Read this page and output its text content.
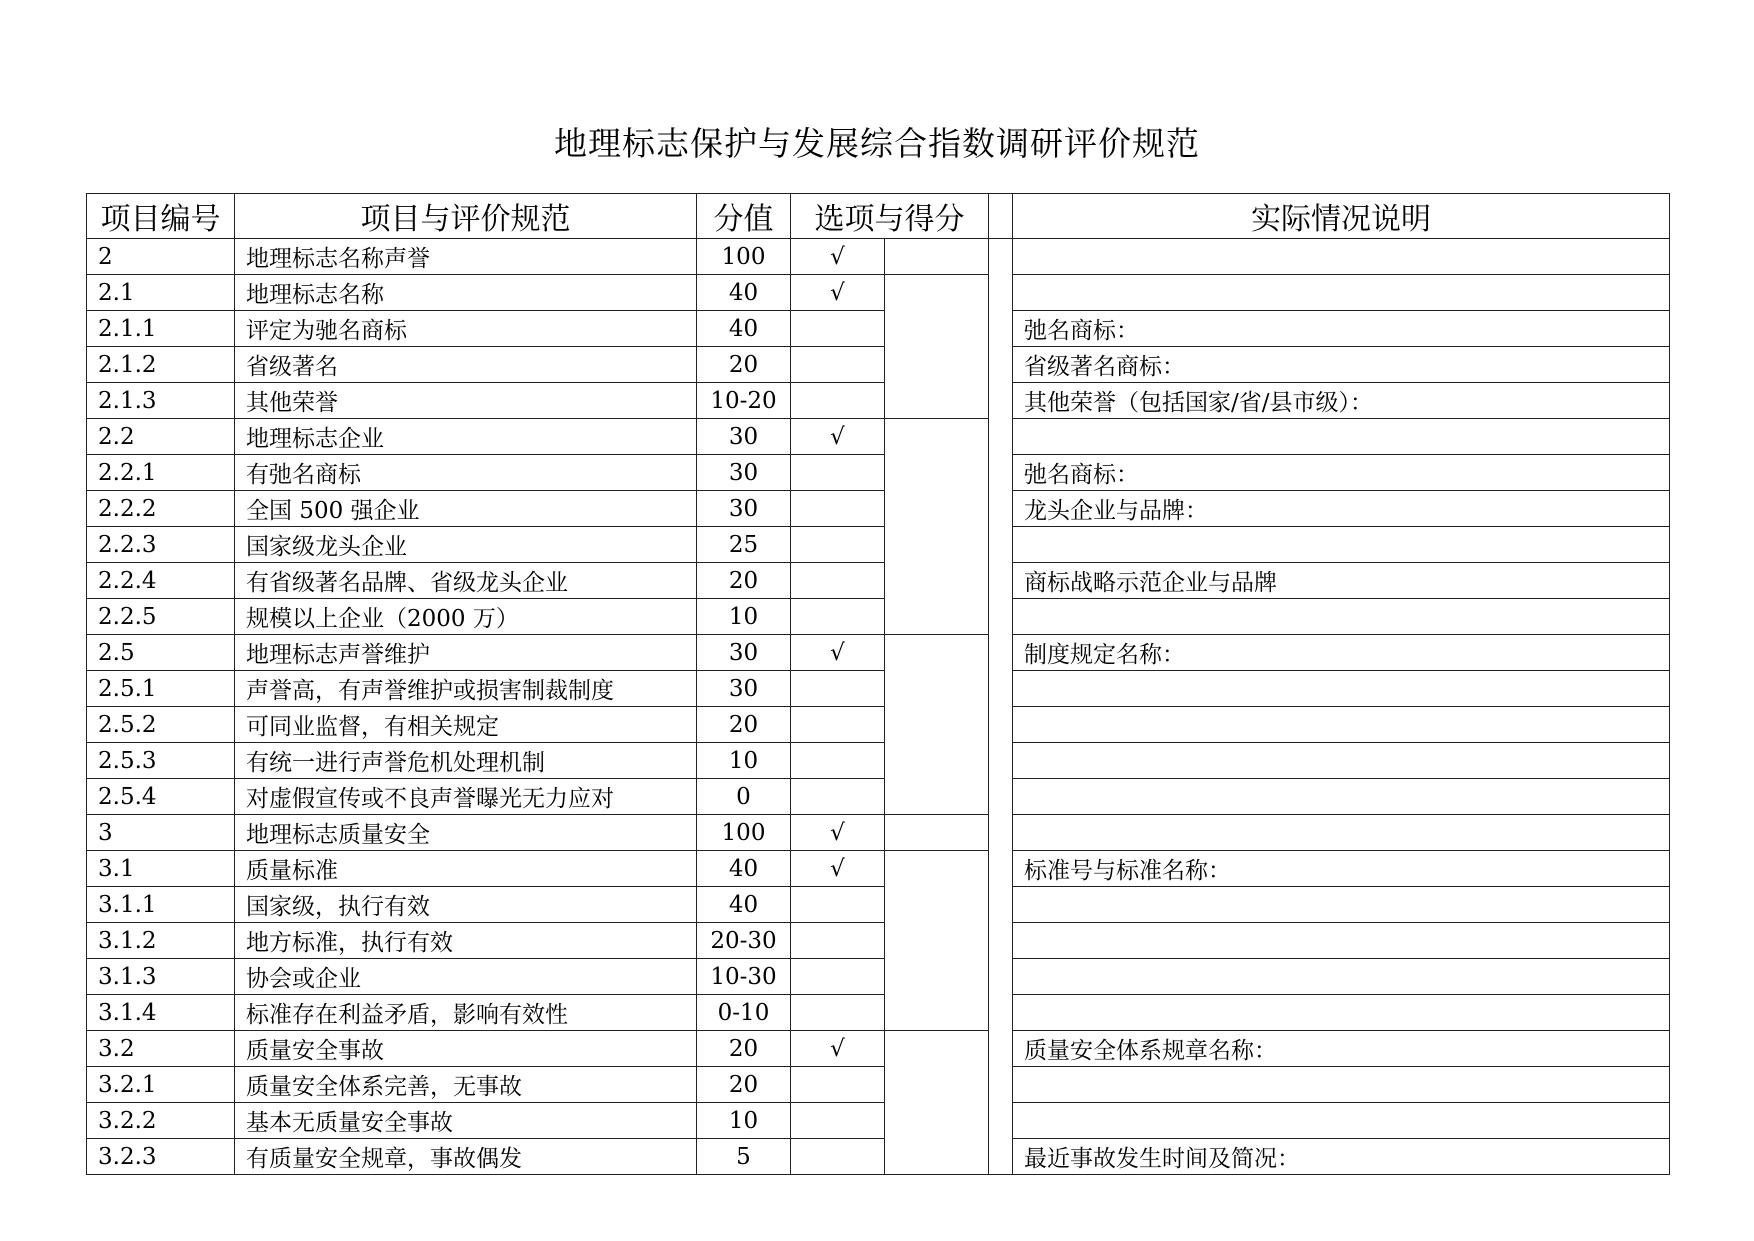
地理标志保护与发展综合指数调研评价规范
项目编号	项目与评价规范	分值	选项与得分			实际情况说明
2	地理标志名称声誉	100	√			
2.1	地理标志名称	40	√			
2.1.1	评定为驰名商标	40				弛名商标：
2.1.2	省级著名	20				省级著名商标：
2.1.3	其他荣誉	10-20				其他荣誉（包括国家/省/县市级）：
2.2	地理标志企业	30	√			
2.2.1	有弛名商标	30				弛名商标：
2.2.2	全国 500 强企业	30				龙头企业与品牌：
2.2.3	国家级龙头企业	25				
2.2.4	有省级著名品牌、省级龙头企业	20				商标战略示范企业与品牌
2.2.5	规模以上企业（2000 万）	10				
2.5	地理标志声誉维护	30	√			制度规定名称：
2.5.1	声誉高，有声誉维护或损害制裁制度	30				
2.5.2	可同业监督，有相关规定	20				
2.5.3	有统一进行声誉危机处理机制	10				
2.5.4	对虚假宣传或不良声誉曝光无力应对	0				
3	地理标志质量安全	100	√			
3.1	质量标准	40	√			标准号与标准名称：
3.1.1	国家级，执行有效	40				
3.1.2	地方标准，执行有效	20-30				
3.1.3	协会或企业	10-30				
3.1.4	标准存在利益矛盾，影响有效性	0-10				
3.2	质量安全事故	20	√			质量安全体系规章名称：
3.2.1	质量安全体系完善，无事故	20				
3.2.2	基本无质量安全事故	10				
3.2.3	有质量安全规章，事故偶发	5				最近事故发生时间及简况：
